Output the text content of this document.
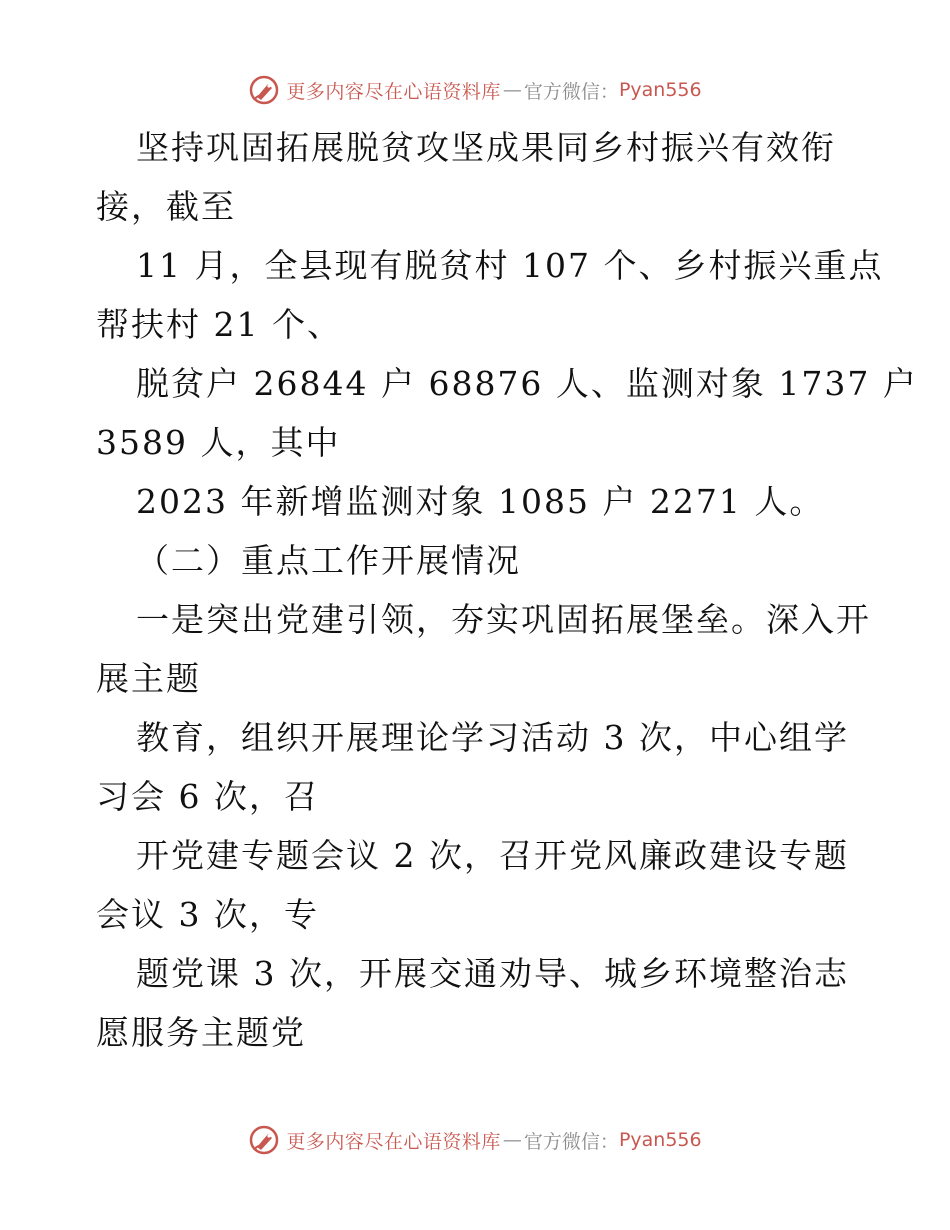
更多内容尽在心语资料库 — 官方微信： Pyan556
坚持巩固拓展脱贫攻坚成果同乡村振兴有效衔
接，截至
11 月，全县现有脱贫村 107 个、乡村振兴重点
帮扶村 21 个、
脱贫户 26844 户 68876 人、监测对象 1737 户
3589 人，其中
2023 年新增监测对象 1085 户 2271 人。
（二）重点工作开展情况
一是突出党建引领，夯实巩固拓展堡垒。深入开
展主题
教育，组织开展理论学习活动 3 次，中心组学
习会 6 次，召
开党建专题会议 2 次，召开党风廉政建设专题
会议 3 次，专
题党课 3 次，开展交通劝导、城乡环境整治志
愿服务主题党
更多内容尽在心语资料库 — 官方微信： Pyan556
